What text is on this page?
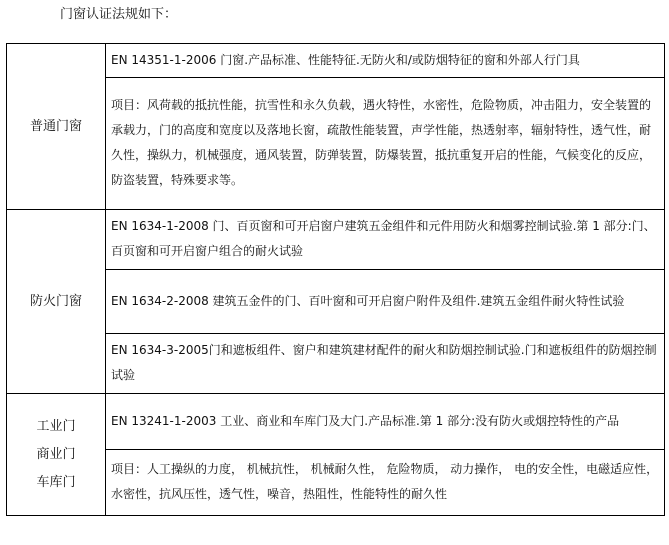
门窗认证法规如下：
普通门窗	EN 14351-1-2006 门窗.产品标准、性能特征.无防火和/或防烟特征的窗和外部人行门具
	项目：风荷载的抵抗性能，抗雪性和永久负载，遇火特性，水密性，危险物质，冲击阻力，安全装置的承载力，门的高度和宽度以及落地长窗，疏散性能装置，声学性能，热透射率，辐射特性，透气性，耐久性，操纵力，机械强度，通风装置，防弹装置，防爆装置，抵抗重复开启的性能，气候变化的反应，防盗装置，特殊要求等。

防火门窗	EN 1634-1-2008 门、百页窗和可开启窗户建筑五金组件和元件用防火和烟雾控制试验.第 1 部分:门、百页窗和可开启窗户组合的耐火试验
	EN 1634-2-2008 建筑五金件的门、百叶窗和可开启窗户附件及组件.建筑五金组件耐火特性试验
	EN 1634-3-2005门和遮板组件、窗户和建筑建材配件的耐火和防烟控制试验.门和遮板组件的防烟控制试验

工业门
商业门
车库门	EN 13241-1-2003 工业、商业和车库门及大门.产品标准.第 1 部分:没有防火或烟控特性的产品
	项目：人工操纵的力度， 机械抗性， 机械耐久性， 危险物质， 动力操作， 电的安全性，电磁适应性， 水密性，抗风压性，透气性，噪音，热阻性，性能特性的耐久性
